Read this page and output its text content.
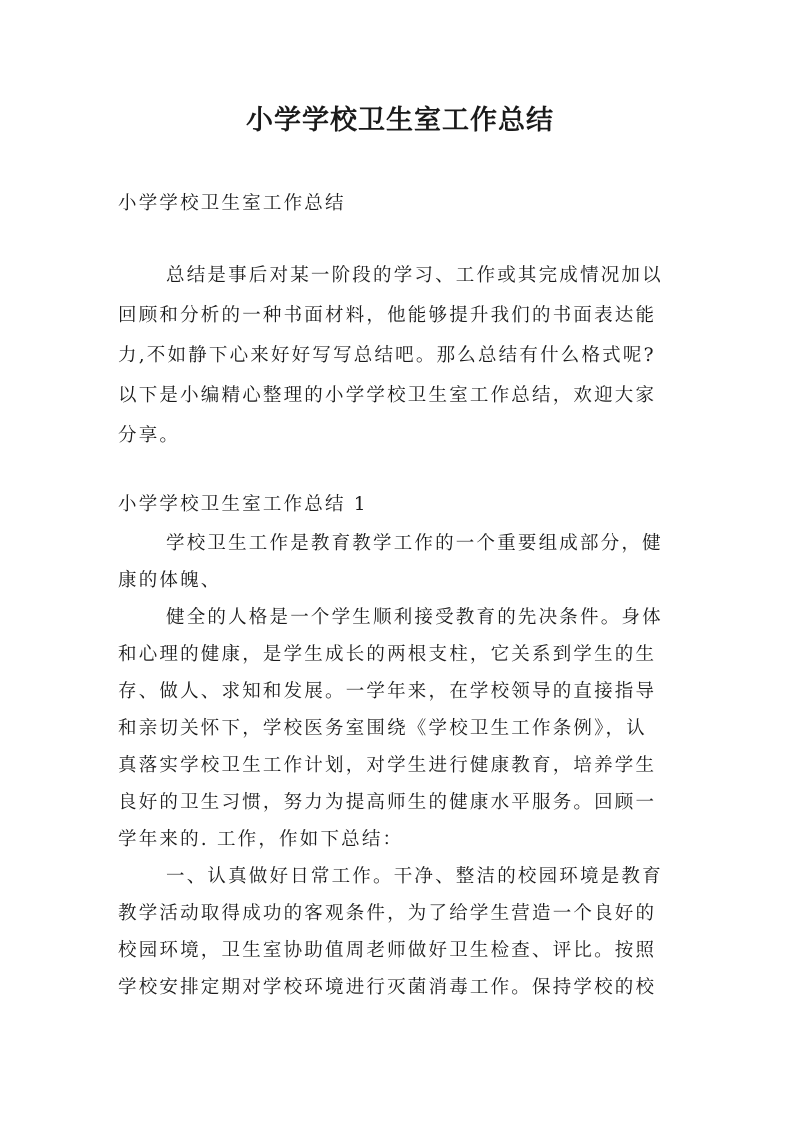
小学学校卫生室工作总结

小学学校卫生室工作总结

总结是事后对某一阶段的学习、工作或其完成情况加以

回顾和分析的一种书面材料，他能够提升我们的书面表达能

力,不如静下心来好好写写总结吧。那么总结有什么格式呢?

以下是小编精心整理的小学学校卫生室工作总结，欢迎大家

分享。

小学学校卫生室工作总结 1

学校卫生工作是教育教学工作的一个重要组成部分，健

康的体魄、

健全的人格是一个学生顺利接受教育的先决条件。身体

和心理的健康，是学生成长的两根支柱，它关系到学生的生

存、做人、求知和发展。一学年来，在学校领导的直接指导

和亲切关怀下，学校医务室围绕《学校卫生工作条例》，认

真落实学校卫生工作计划，对学生进行健康教育，培养学生

良好的卫生习惯，努力为提高师生的健康水平服务。回顾一

学年来的. 工作，作如下总结：

一、认真做好日常工作。干净、整洁的校园环境是教育

教学活动取得成功的客观条件，为了给学生营造一个良好的

校园环境，卫生室协助值周老师做好卫生检查、评比。按照

学校安排定期对学校环境进行灭菌消毒工作。保持学校的校
